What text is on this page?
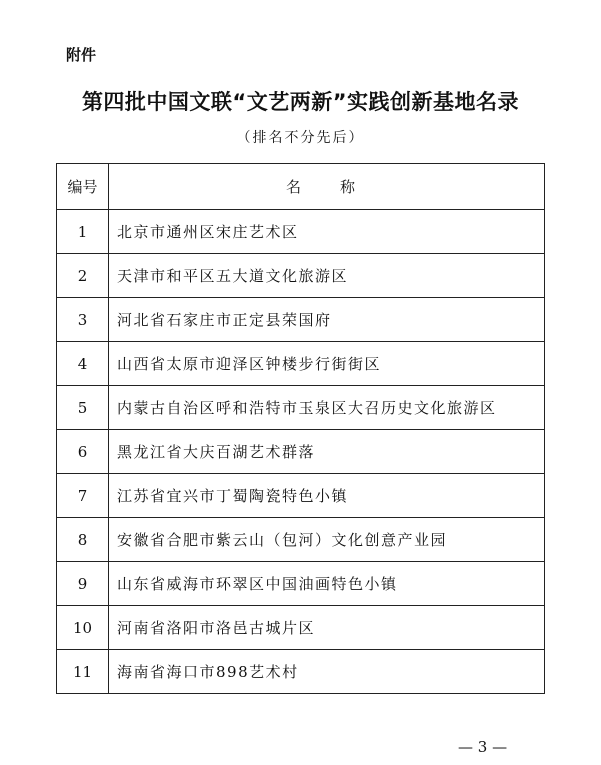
附件
第四批中国文联“文艺两新”实践创新基地名录
（排名不分先后）
编号	名　称
1	北京市通州区宋庄艺术区
2	天津市和平区五大道文化旅游区
3	河北省石家庄市正定县荣国府
4	山西省太原市迎泽区钟楼步行街街区
5	内蒙古自治区呼和浩特市玉泉区大召历史文化旅游区
6	黑龙江省大庆百湖艺术群落
7	江苏省宜兴市丁蜀陶瓷特色小镇
8	安徽省合肥市紫云山（包河）文化创意产业园
9	山东省威海市环翠区中国油画特色小镇
10	河南省洛阳市洛邑古城片区
11	海南省海口市898艺术村
— 3 —
